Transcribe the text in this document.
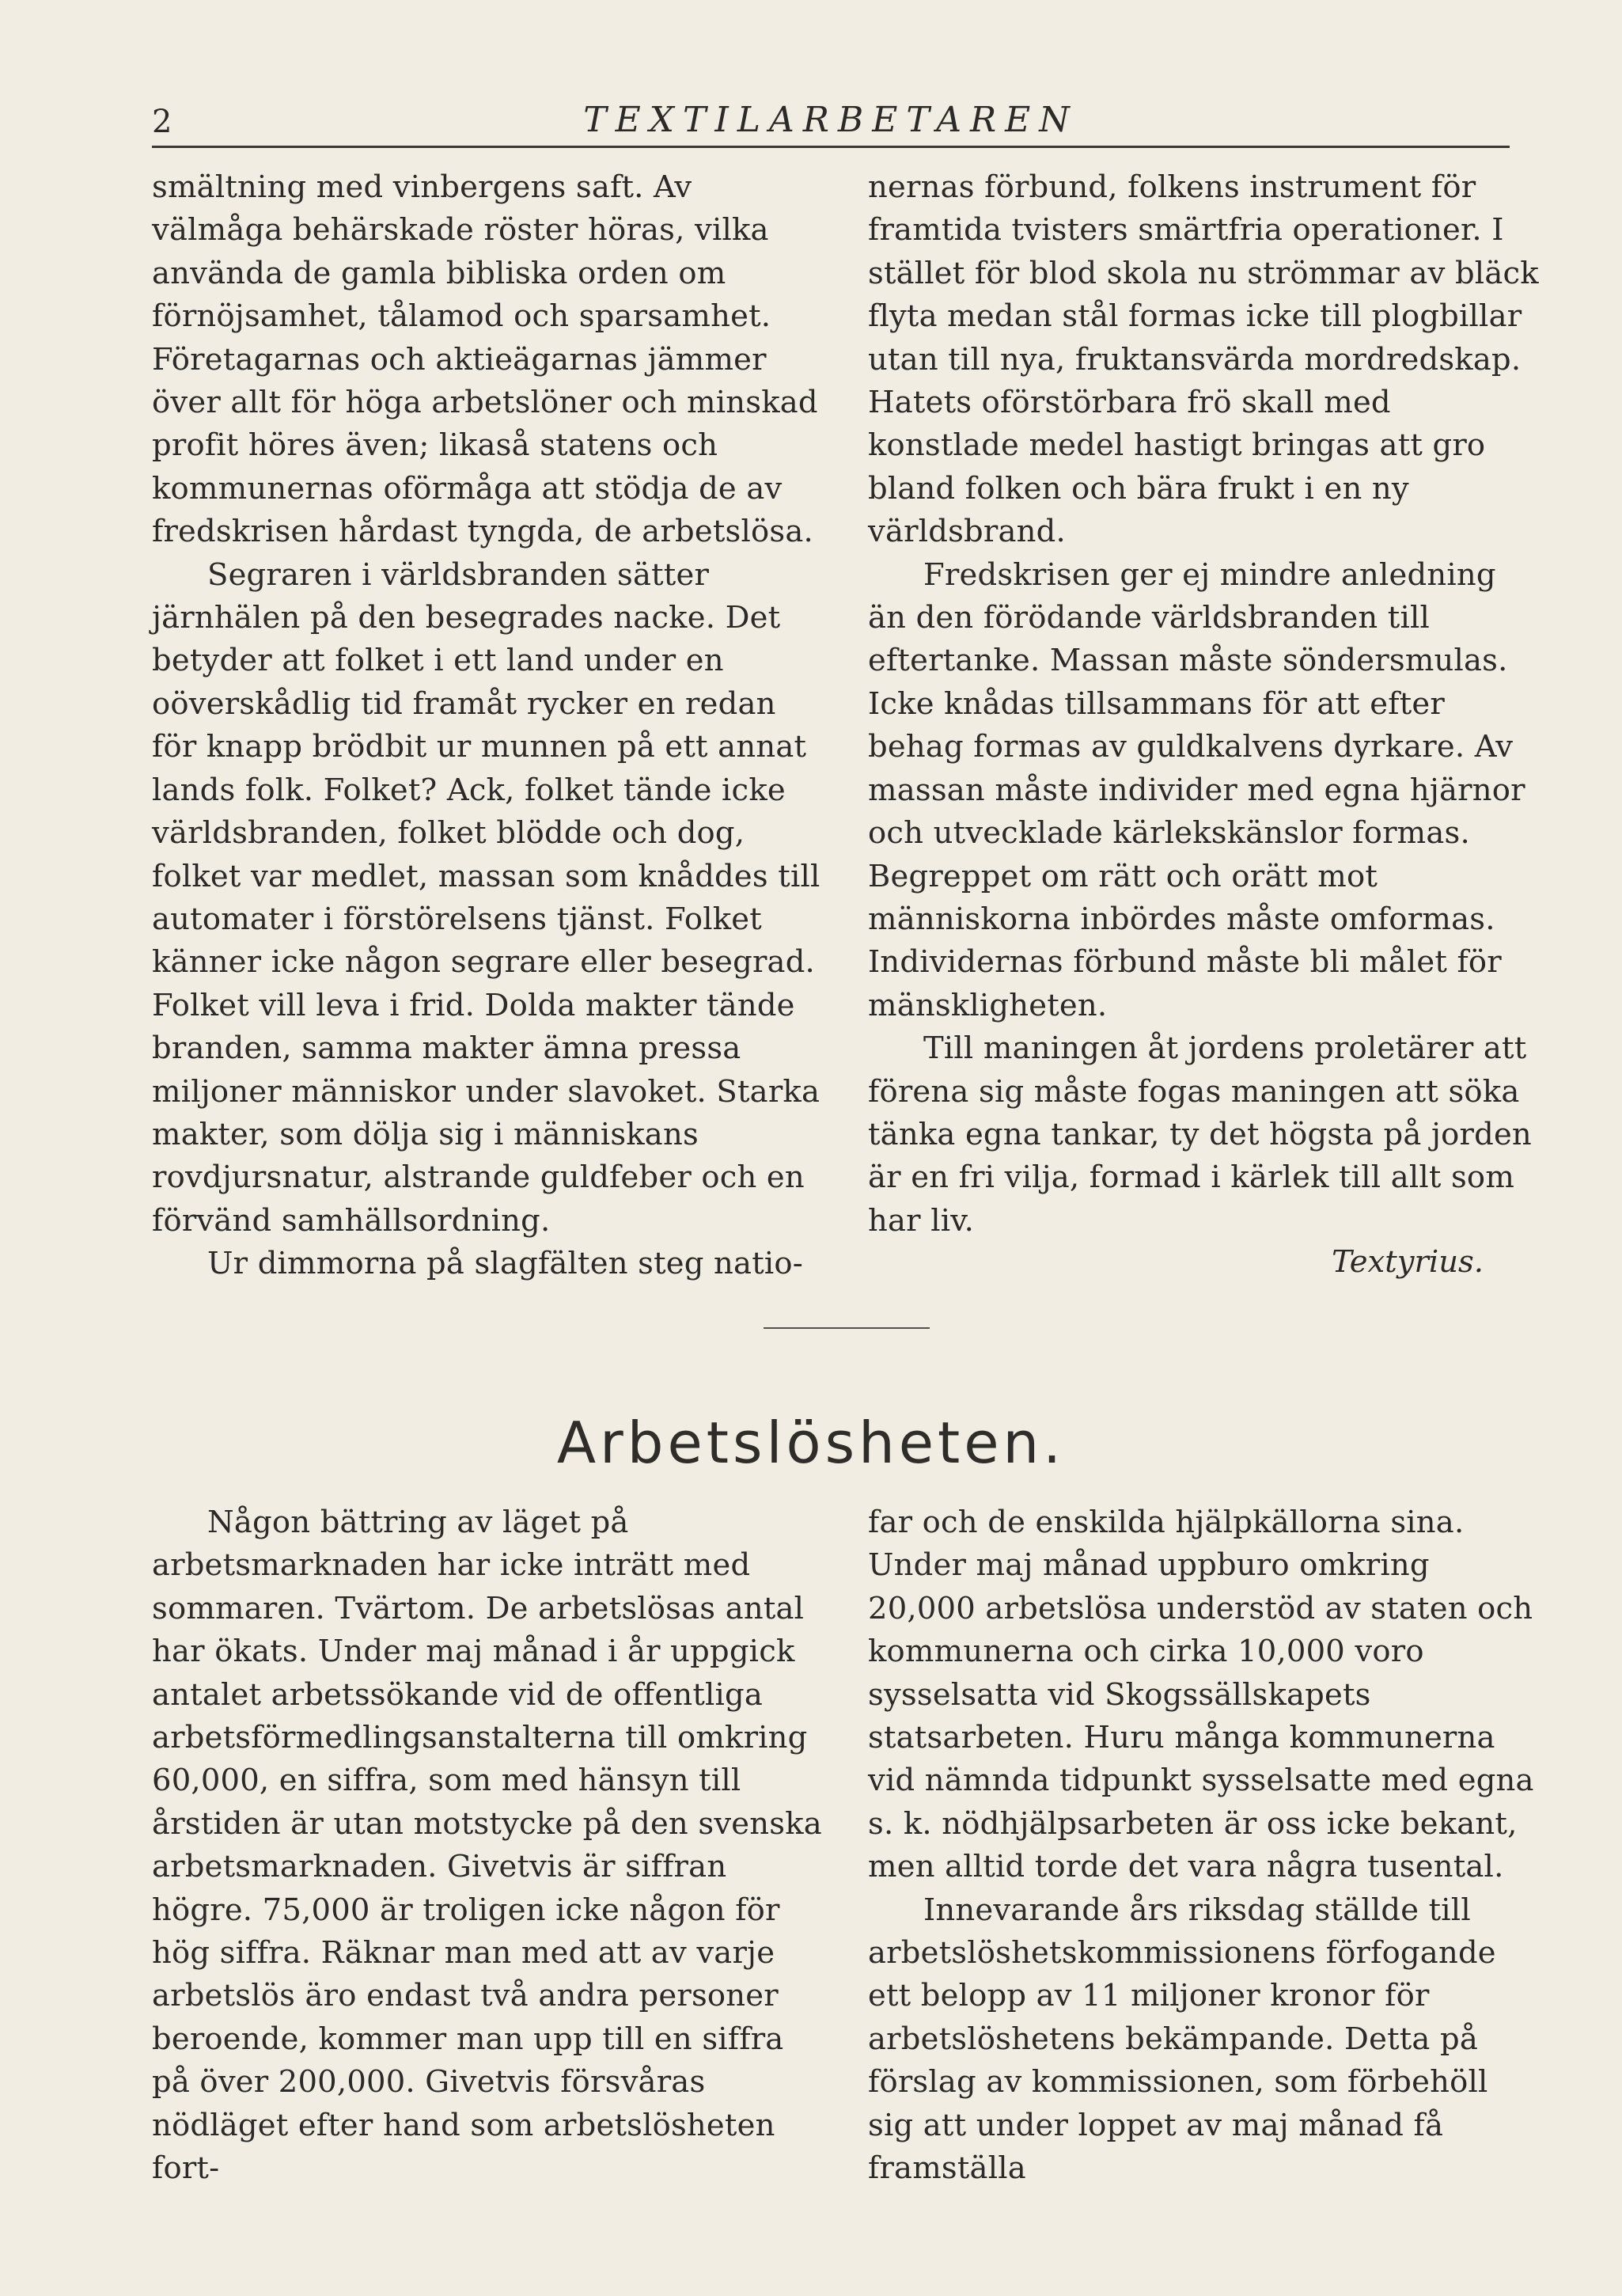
2	TEXTILARBETAREN

smältning med vinbergens saft. Av välmåga behärskade röster höras, vilka använda de gamla bibliska orden om förnöjsamhet, tålamod och sparsamhet. Företagarnas och aktieägarnas jämmer över allt för höga arbetslöner och minskad profit höres även; likaså statens och kommunernas oförmåga att stödja de av fredskrisen hårdast tyngda, de arbetslösa.

Segraren i världsbranden sätter järnhälen på den besegrades nacke. Det betyder att folket i ett land under en oöverskådlig tid framåt rycker en redan för knapp brödbit ur munnen på ett annat lands folk. Folket? Ack, folket tände icke världsbranden, folket blödde och dog, folket var medlet, massan som knåddes till automater i förstörelsens tjänst. Folket känner icke någon segrare eller besegrad. Folket vill leva i frid. Dolda makter tände branden, samma makter ämna pressa miljoner människor under slavoket. Starka makter, som dölja sig i människans rovdjursnatur, alstrande guldfeber och en förvänd samhällsordning.

Ur dimmorna på slagfälten steg natio-

nernas förbund, folkens instrument för framtida tvisters smärtfria operationer. I stället för blod skola nu strömmar av bläck flyta medan stål formas icke till plogbillar utan till nya, fruktansvärda mordredskap. Hatets oförstörbara frö skall med konstlade medel hastigt bringas att gro bland folken och bära frukt i en ny världsbrand.

Fredskrisen ger ej mindre anledning än den förödande världsbranden till eftertanke. Massan måste söndersmulas. Icke knådas tillsammans för att efter behag formas av guldkalvens dyrkare. Av massan måste individer med egna hjärnor och utvecklade kärlekskänslor formas. Begreppet om rätt och orätt mot människorna inbördes måste omformas. Individernas förbund måste bli målet för mänskligheten.

Till maningen åt jordens proletärer att förena sig måste fogas maningen att söka tänka egna tankar, ty det högsta på jorden är en fri vilja, formad i kärlek till allt som har liv.

Textyrius.
Arbetslösheten.

Någon bättring av läget på arbetsmarknaden har icke inträtt med sommaren. Tvärtom. De arbetslösas antal har ökats. Under maj månad i år uppgick antalet arbetssökande vid de offentliga arbetsförmedlingsanstalterna till omkring 60,000, en siffra, som med hänsyn till årstiden är utan motstycke på den svenska arbetsmarknaden. Givetvis är siffran högre. 75,000 är troligen icke någon för hög siffra. Räknar man med att av varje arbetslös äro endast två andra personer beroende, kommer man upp till en siffra på över 200,000. Givetvis försvåras nödläget efter hand som arbetslösheten fort-

far och de enskilda hjälpkällorna sina. Under maj månad uppburo omkring 20,000 arbetslösa understöd av staten och kommunerna och cirka 10,000 voro sysselsatta vid Skogssällskapets statsarbeten. Huru många kommunerna vid nämnda tidpunkt sysselsatte med egna s. k. nödhjälpsarbeten är oss icke bekant, men alltid torde det vara några tusental.

Innevarande års riksdag ställde till arbetslöshetskommissionens förfogande ett belopp av 11 miljoner kronor för arbetslöshetens bekämpande. Detta på förslag av kommissionen, som förbehöll sig att under loppet av maj månad få framställa
